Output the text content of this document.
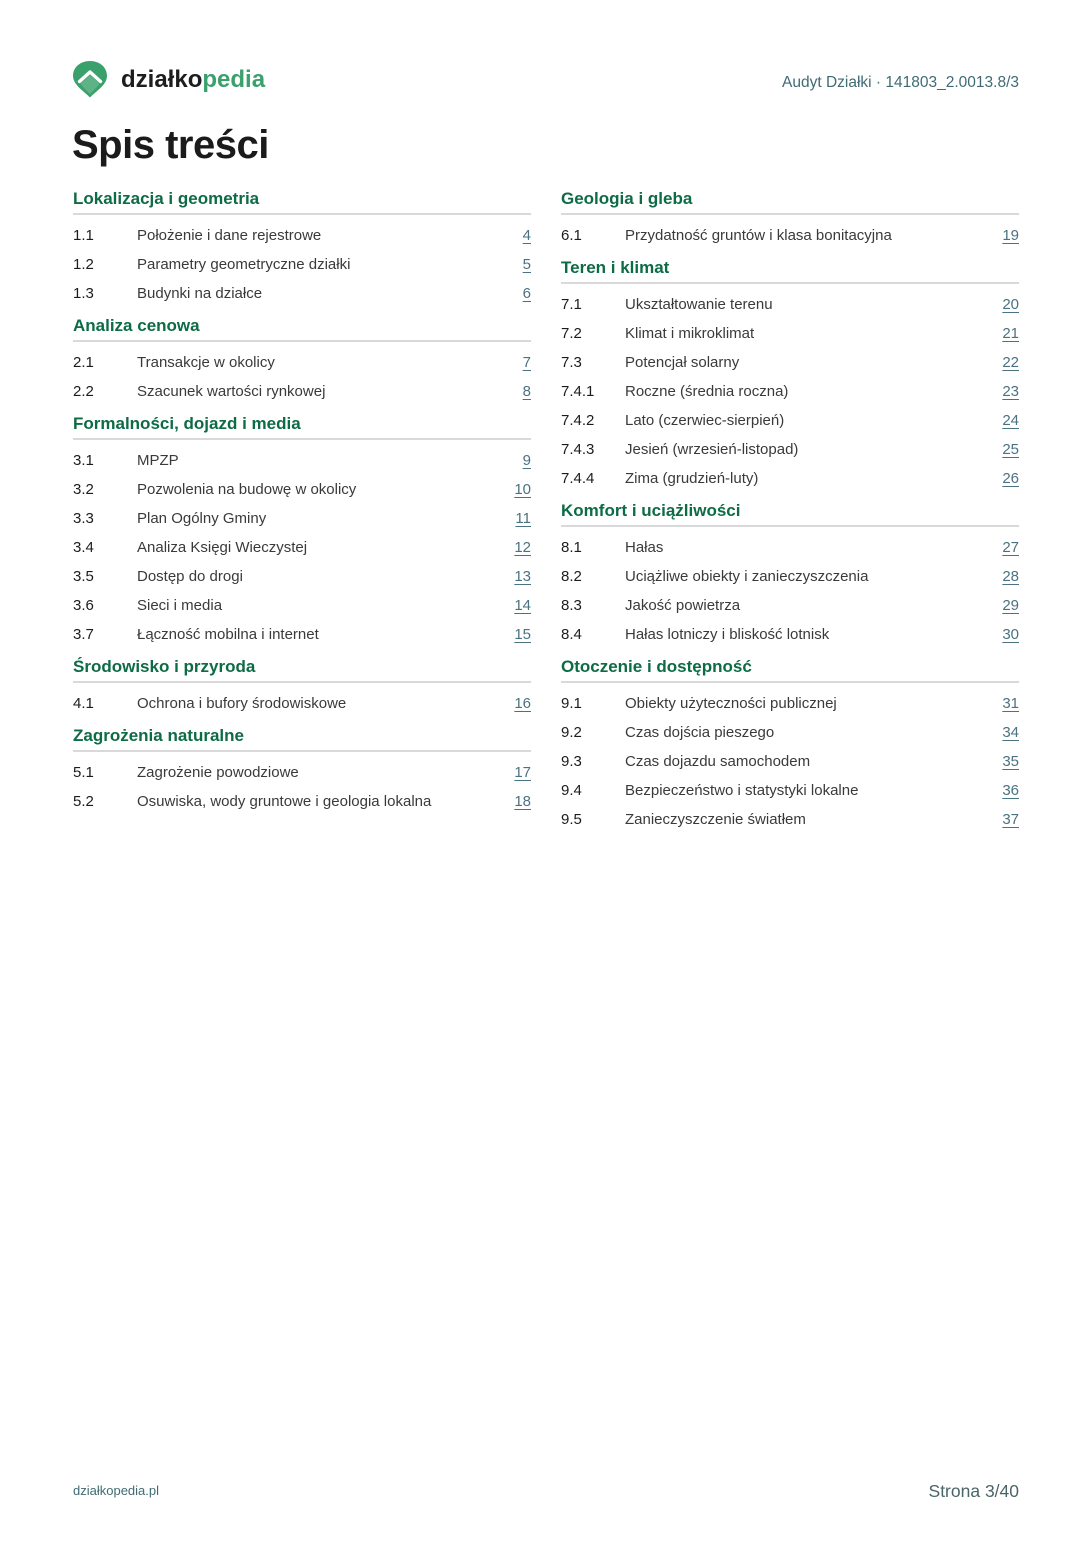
działkopedia	Audyt Działki · 141803_2.0013.8/3
Spis treści
Lokalizacja i geometria
1.1	Położenie i dane rejestrowe	4
1.2	Parametry geometryczne działki	5
1.3	Budynki na działce	6
Analiza cenowa
2.1	Transakcje w okolicy	7
2.2	Szacunek wartości rynkowej	8
Formalności, dojazd i media
3.1	MPZP	9
3.2	Pozwolenia na budowę w okolicy	10
3.3	Plan Ogólny Gminy	11
3.4	Analiza Księgi Wieczystej	12
3.5	Dostęp do drogi	13
3.6	Sieci i media	14
3.7	Łączność mobilna i internet	15
Środowisko i przyroda
4.1	Ochrona i bufory środowiskowe	16
Zagrożenia naturalne
5.1	Zagrożenie powodziowe	17
5.2	Osuwiska, wody gruntowe i geologia lokalna	18
Geologia i gleba
6.1	Przydatność gruntów i klasa bonitacyjna	19
Teren i klimat
7.1	Ukształtowanie terenu	20
7.2	Klimat i mikroklimat	21
7.3	Potencjał solarny	22
7.4.1	Roczne (średnia roczna)	23
7.4.2	Lato (czerwiec-sierpień)	24
7.4.3	Jesień (wrzesień-listopad)	25
7.4.4	Zima (grudzień-luty)	26
Komfort i uciążliwości
8.1	Hałas	27
8.2	Uciążliwe obiekty i zanieczyszczenia	28
8.3	Jakość powietrza	29
8.4	Hałas lotniczy i bliskość lotnisk	30
Otoczenie i dostępność
9.1	Obiekty użyteczności publicznej	31
9.2	Czas dojścia pieszego	34
9.3	Czas dojazdu samochodem	35
9.4	Bezpieczeństwo i statystyki lokalne	36
9.5	Zanieczyszczenie światłem	37
działkopedia.pl	Strona 3/40
